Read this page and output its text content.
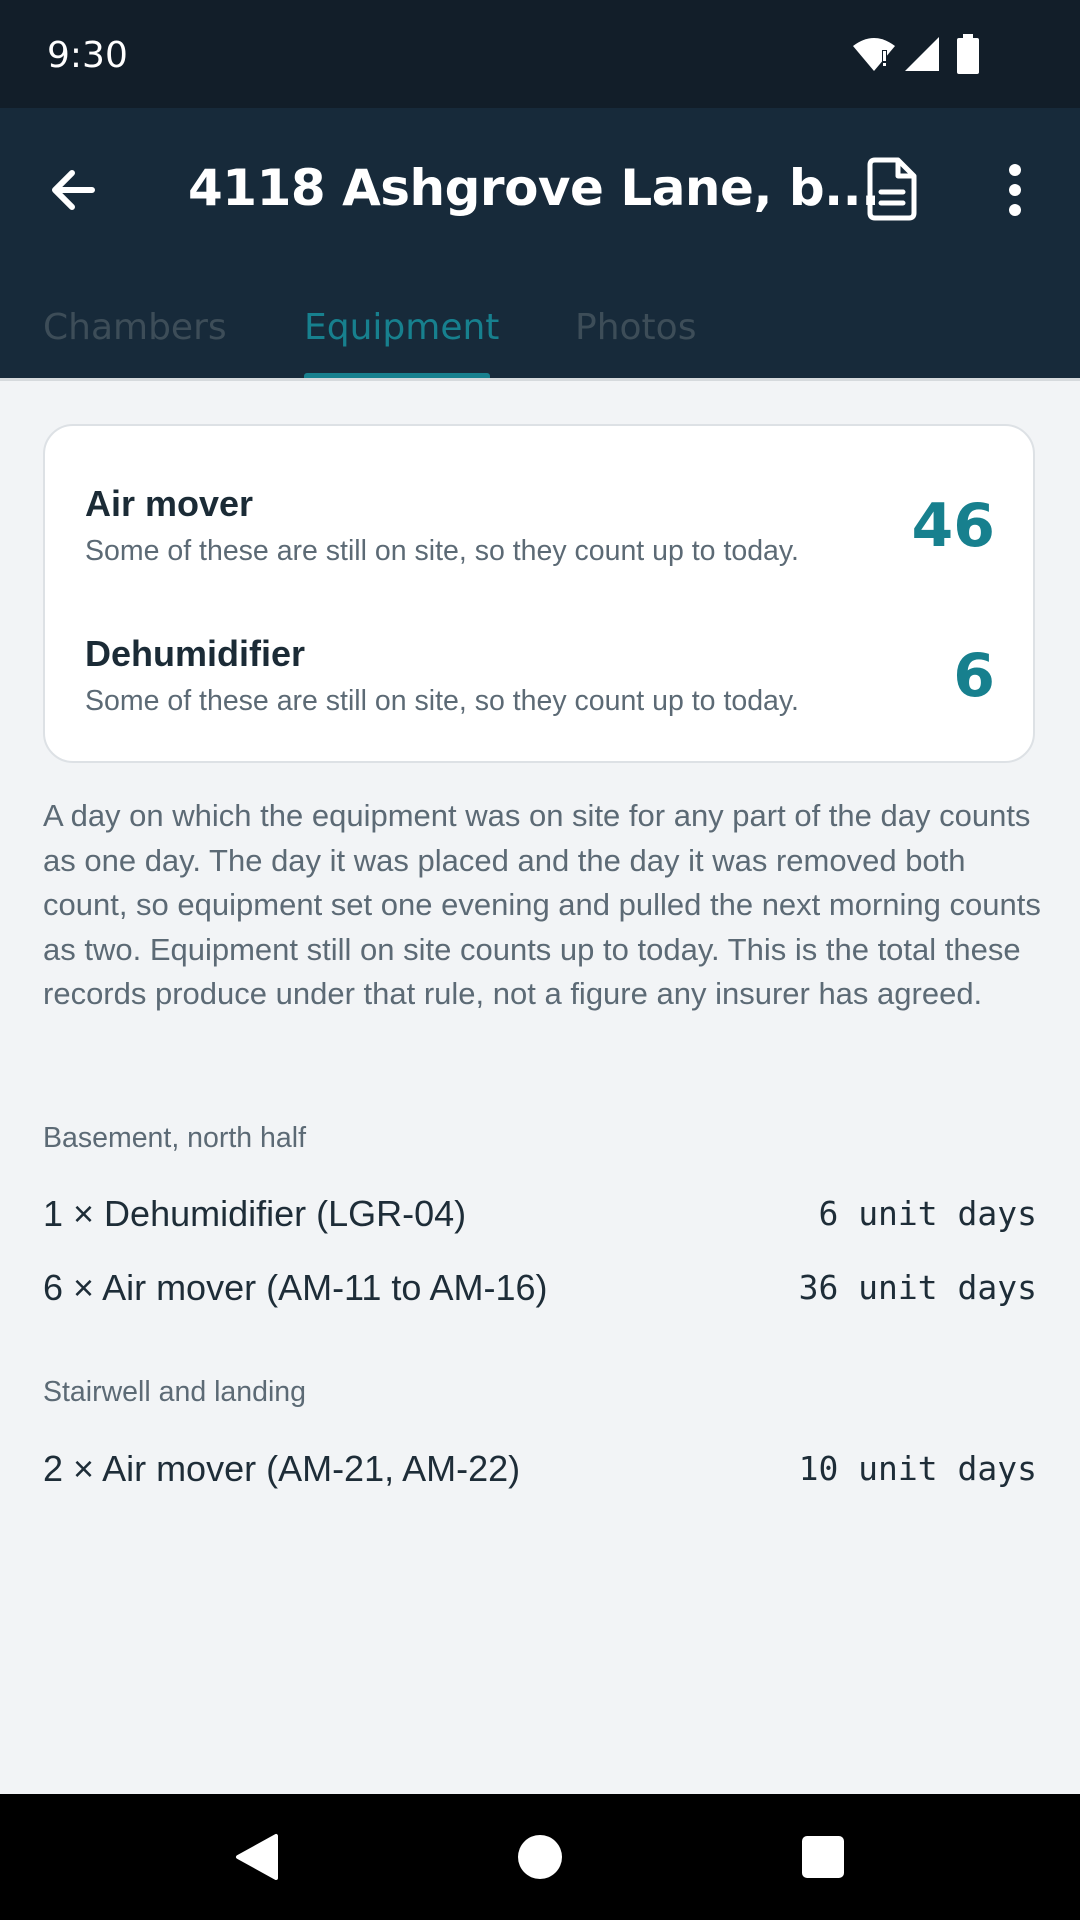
9:30
4118 Ashgrove Lane, b...
Chambers Equipment Photos
Air mover
Some of these are still on site, so they count up to today. 46
Dehumidifier
Some of these are still on site, so they count up to today.	6
A day on which the equipment was on site for any part of the day counts as one day. The day it was placed and the day it was removed both count, so equipment set one evening and pulled the next morning counts as two. Equipment still on site counts up to today. This is the total these records produce under that rule, not a figure any insurer has agreed.
Basement, north half
1 × Dehumidifier (LGR-04)	6 unit days
6 × Air mover (AM-11 to AM-16)	36 unit days
Stairwell and landing
2 × Air mover (AM-21, AM-22)	10 unit days
